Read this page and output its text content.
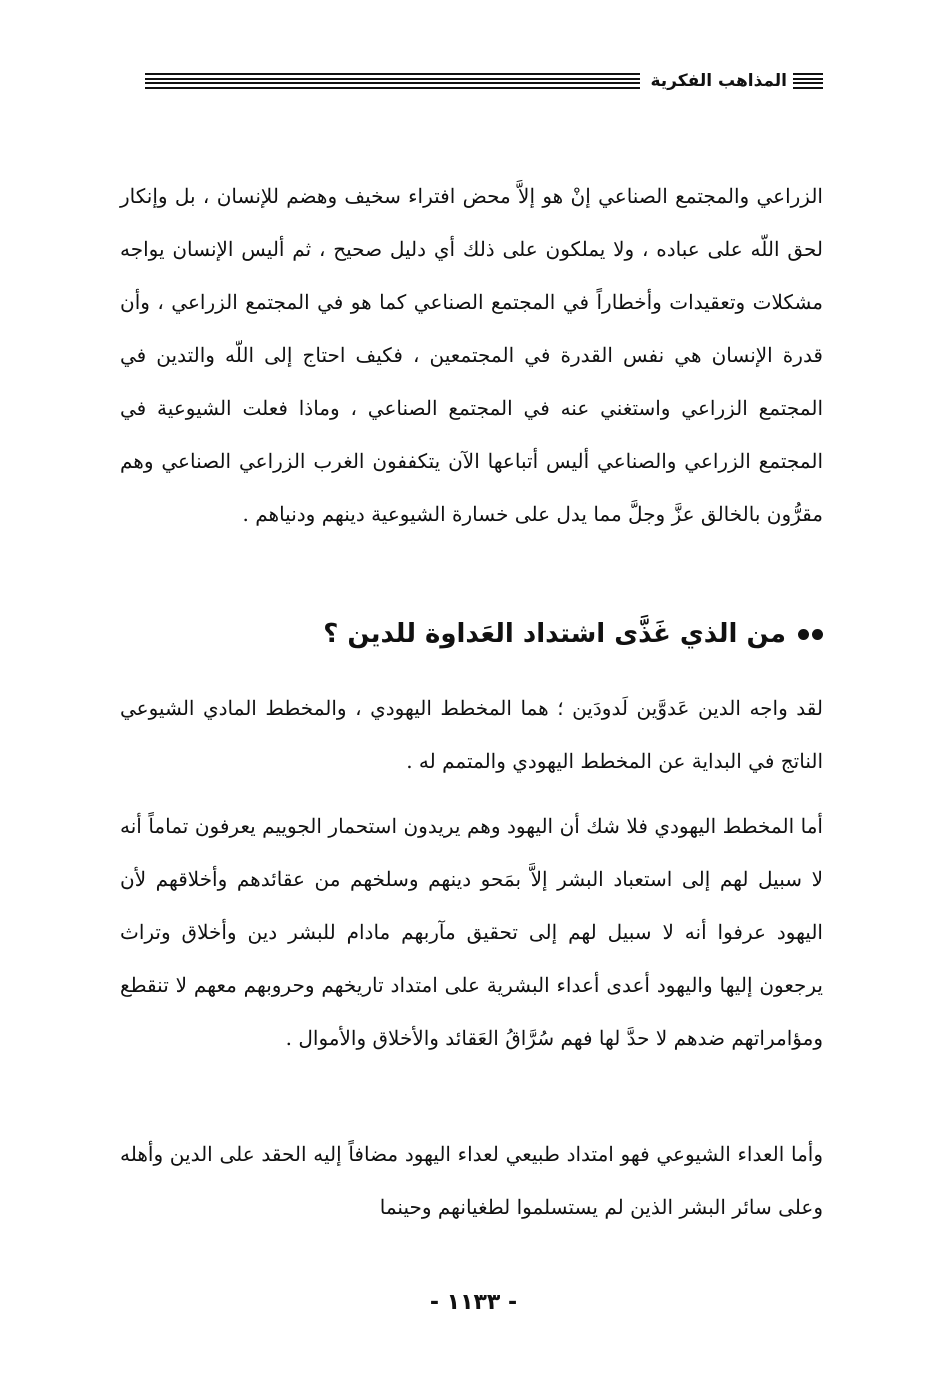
المذاهب الفكرية

الزراعي والمجتمع الصناعي إنْ هو إلاَّ محض افتراء سخيف وهضم للإنسان ، بل وإنكار لحق اللّه على عباده ، ولا يملكون على ذلك أي دليل صحيح ، ثم أليس الإنسان يواجه مشكلات وتعقيدات وأخطاراً في المجتمع الصناعي كما هو في المجتمع الزراعي ، وأن قدرة الإنسان هي نفس القدرة في المجتمعين ، فكيف احتاج إلى اللّه والتدين في المجتمع الزراعي واستغني عنه في المجتمع الصناعي ، وماذا فعلت الشيوعية في المجتمع الزراعي والصناعي أليس أتباعها الآن يتكففون الغرب الزراعي الصناعي وهم مقرُّون بالخالق عزَّ وجلَّ مما يدل على خسارة الشيوعية دينهم ودنياهم .

من الذي غَذَّى اشتداد العَداوة للدين ؟

لقد واجه الدين عَدوَّين لَدودَين ؛ هما المخطط اليهودي ، والمخطط المادي الشيوعي الناتج في البداية عن المخطط اليهودي والمتمم له .

أما المخطط اليهودي فلا شك أن اليهود وهم يريدون استحمار الجوييم يعرفون تماماً أنه لا سبيل لهم إلى استعباد البشر إلاَّ بمَحو دينهم وسلخهم من عقائدهم وأخلاقهم لأن اليهود عرفوا أنه لا سبيل لهم إلى تحقيق مآربهم مادام للبشر دين وأخلاق وتراث يرجعون إليها واليهود أعدى أعداء البشرية على امتداد تاريخهم وحروبهم معهم لا تنقطع ومؤامراتهم ضدهم لا حدَّ لها فهم سُرَّاقُ العَقائد والأخلاق والأموال .

وأما العداء الشيوعي فهو امتداد طبيعي لعداء اليهود مضافاً إليه الحقد على الدين وأهله وعلى سائر البشر الذين لم يستسلموا لطغيانهم وحينما

- ١١٣٣ -
